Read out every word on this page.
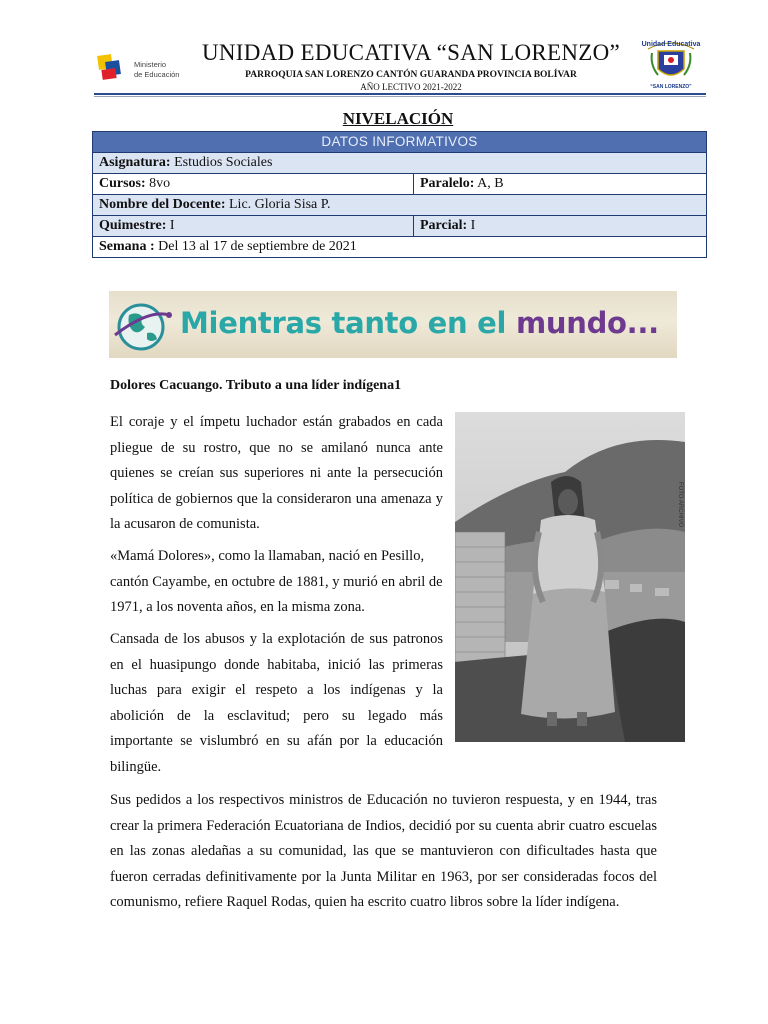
Ministerio
de Educación
UNIDAD EDUCATIVA “SAN LORENZO”
PARROQUIA SAN LORENZO CANTÓN GUARANDA PROVINCIA BOLÍVAR
AÑO LECTIVO 2021-2022
Unidad Educativa
“SAN LORENZO”
NIVELACIÓN
DATOS INFORMATIVOS
Asignatura: Estudios Sociales
Cursos: 8vo	Paralelo: A, B
Nombre del Docente: Lic. Gloria Sisa P.
Quimestre: I	Parcial: I
Semana : Del 13 al 17 de septiembre de 2021
Mientras tanto en el mundo...
Dolores Cacuango. Tributo a una líder indígena1
El coraje y el ímpetu luchador están grabados en cada pliegue de su rostro, que no se amilanó nunca ante quienes se creían sus superiores ni ante la persecución política de gobiernos que la consideraron una amenaza y la acusaron de comunista.
«Mamá Dolores», como la llamaban, nació en Pesillo, cantón Cayambe, en octubre de 1881, y murió en abril de 1971, a los noventa años, en la misma zona.
Cansada de los abusos y la explotación de sus patronos en el huasipungo donde habitaba, inició las primeras luchas para exigir el respeto a los indígenas y la abolición de la esclavitud; pero su legado más importante se vislumbró en su afán por la educación bilingüe.
Sus pedidos a los respectivos ministros de Educación no tuvieron respuesta, y en 1944, tras crear la primera Federación Ecuatoriana de Indios, decidió por su cuenta abrir cuatro escuelas en las zonas aledañas a su comunidad, las que se mantuvieron con dificultades hasta que fueron cerradas definitivamente por la Junta Militar en 1963, por ser consideradas focos del comunismo, refiere Raquel Rodas, quien ha escrito cuatro libros sobre la líder indígena.
FOTO ARCHIVO
